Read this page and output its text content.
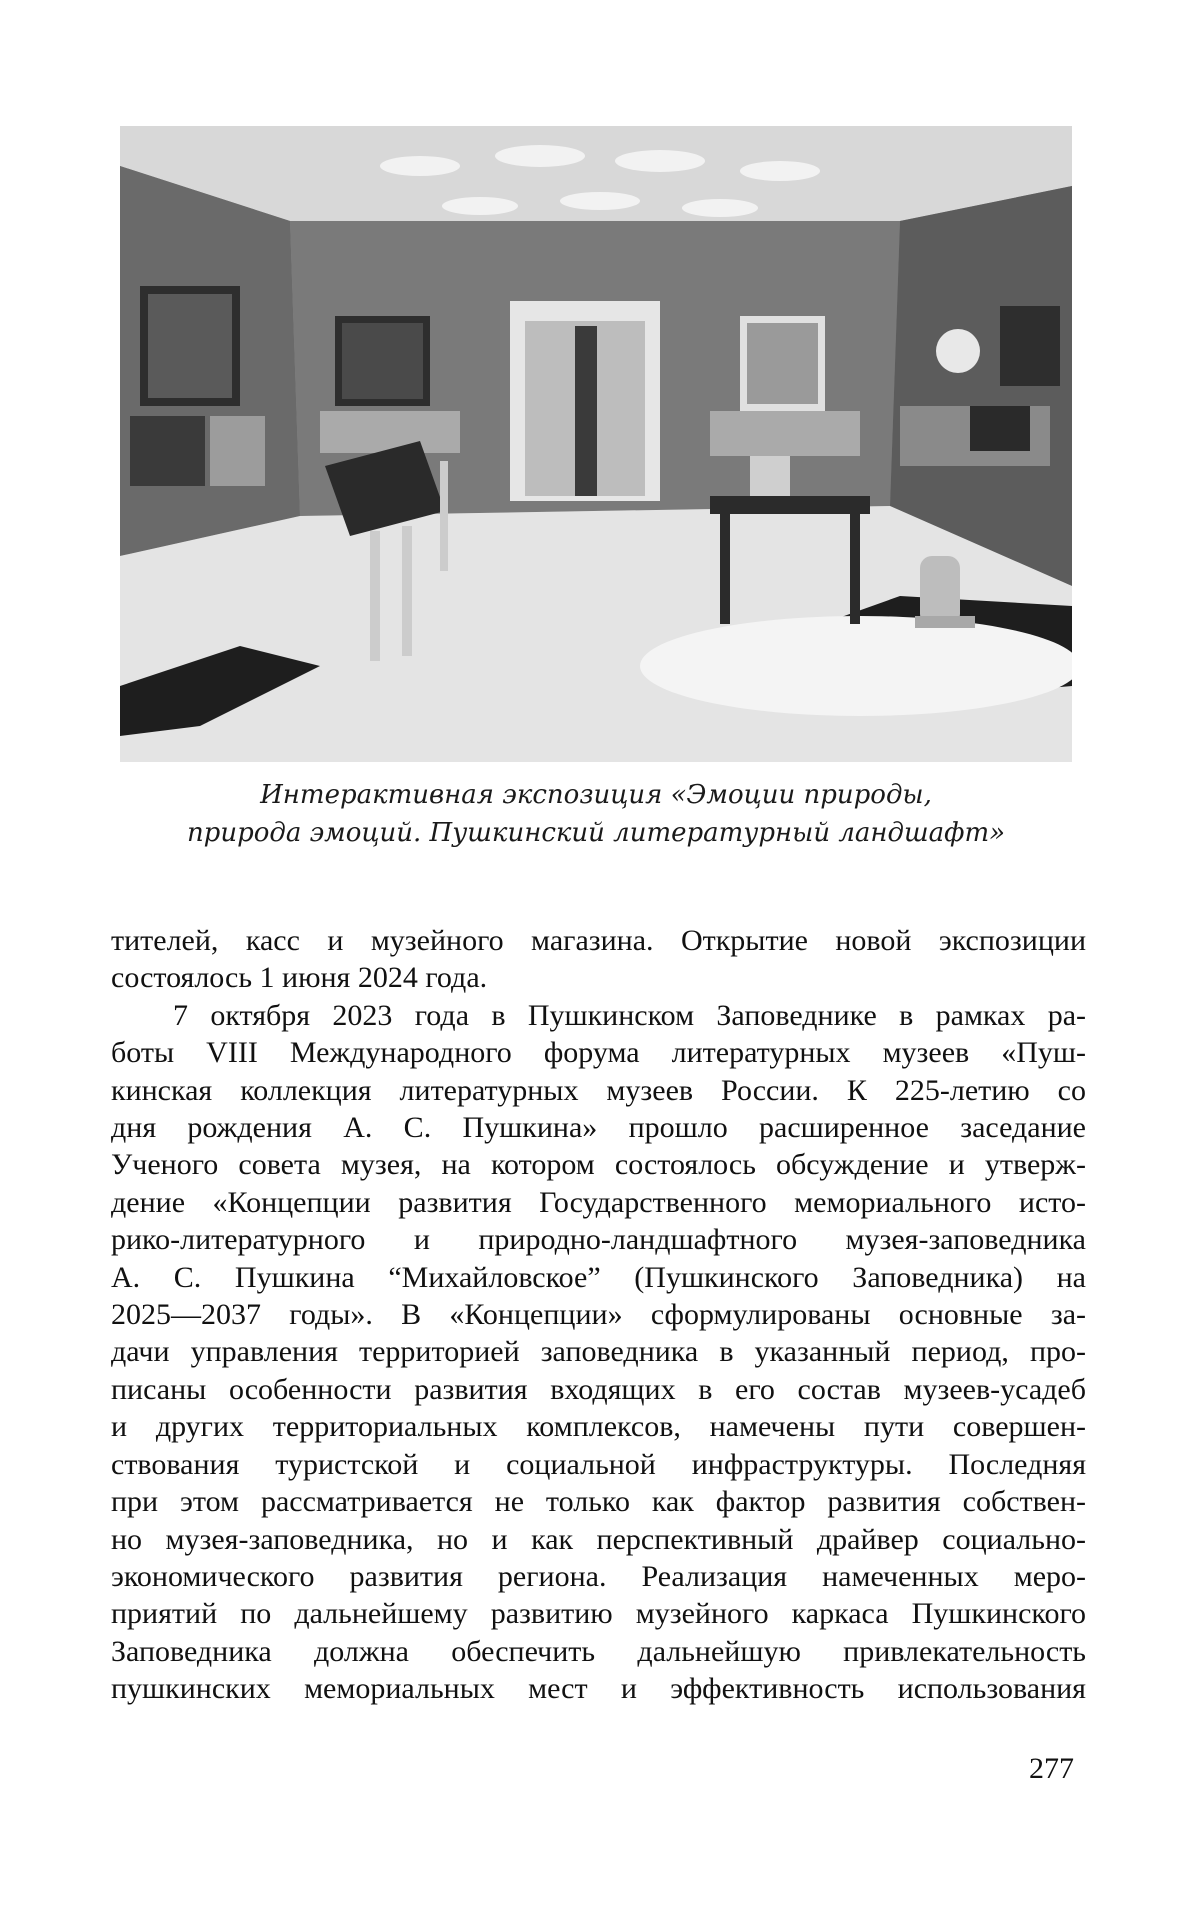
Интерактивная экспозиция «Эмоции природы,
природа эмоций. Пушкинский литературный ландшафт»
тителей, касс и музейного магазина. Открытие новой экспозиции
состоялось 1 июня 2024 года.
7 октября 2023 года в Пушкинском Заповеднике в рамках ра-
боты VIII Международного форума литературных музеев «Пуш-
кинская коллекция литературных музеев России. К 225-летию со
дня рождения А. С. Пушкина» прошло расширенное заседание
Ученого совета музея, на котором состоялось обсуждение и утверж-
дение «Концепции развития Государственного мемориального исто-
рико-литературного и природно-ландшафтного музея-заповедника
А. С. Пушкина “Михайловское” (Пушкинского Заповедника) на
2025—2037 годы». В «Концепции» сформулированы основные за-
дачи управления территорией заповедника в указанный период, про-
писаны особенности развития входящих в его состав музеев-усадеб
и других территориальных комплексов, намечены пути совершен-
ствования туристской и социальной инфраструктуры. Последняя
при этом рассматривается не только как фактор развития собствен-
но музея-заповедника, но и как перспективный драйвер социально-
экономического развития региона. Реализация намеченных меро-
приятий по дальнейшему развитию музейного каркаса Пушкинского
Заповедника должна обеспечить дальнейшую привлекательность
пушкинских мемориальных мест и эффективность использования
277
